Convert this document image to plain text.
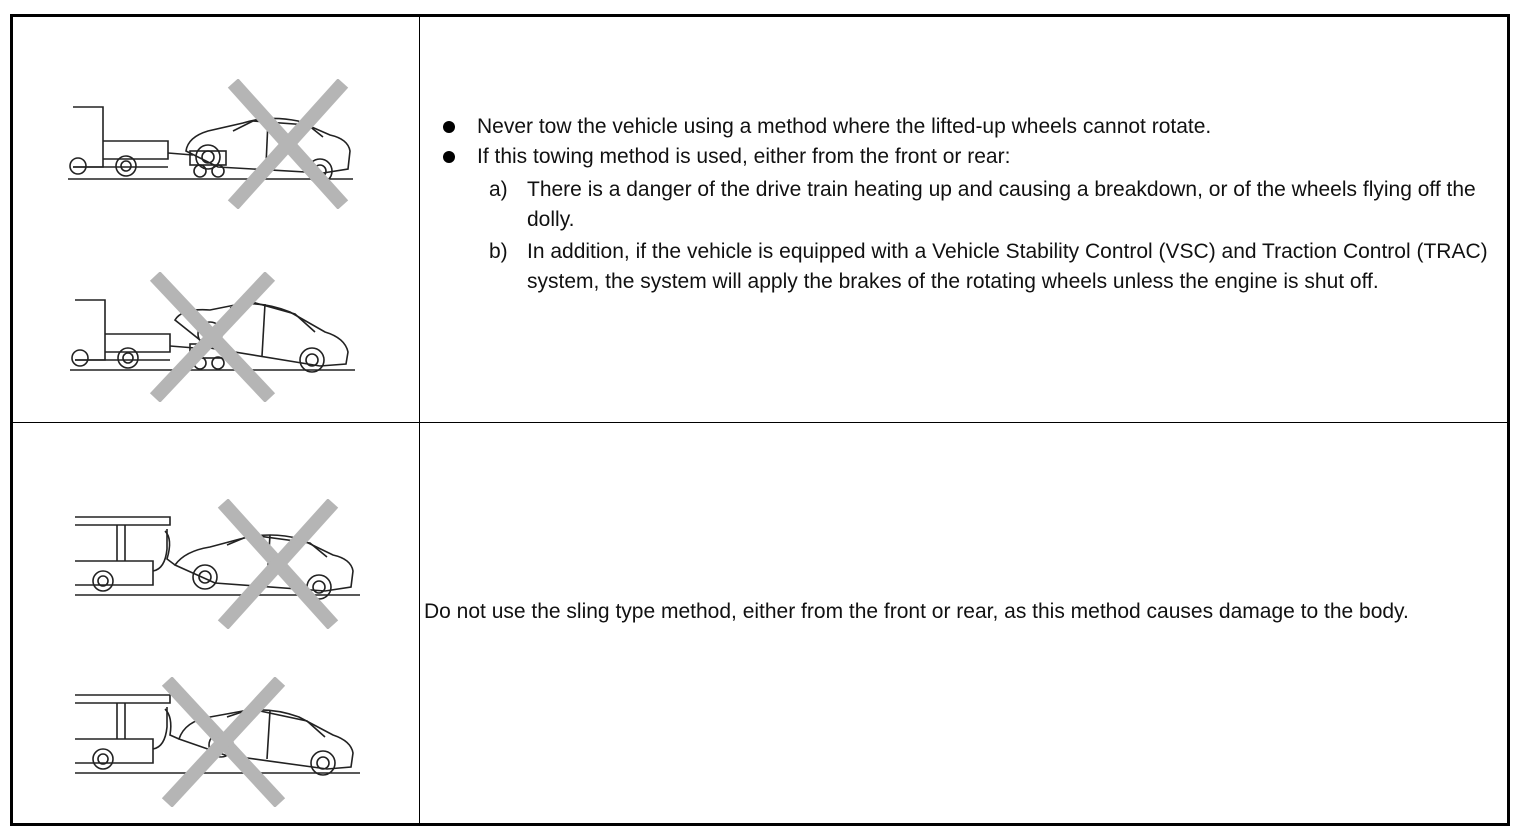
Never tow the vehicle using a method where the lifted-up wheels cannot rotate.
If this towing method is used, either from the front or rear:
a) There is a danger of the drive train heating up and causing a breakdown, or of the wheels flying off the dolly.
b) In addition, if the vehicle is equipped with a Vehicle Stability Control (VSC) and Traction Control (TRAC) system, the system will apply the brakes of the rotating wheels unless the engine is shut off.
Do not use the sling type method, either from the front or rear, as this method causes damage to the body.
